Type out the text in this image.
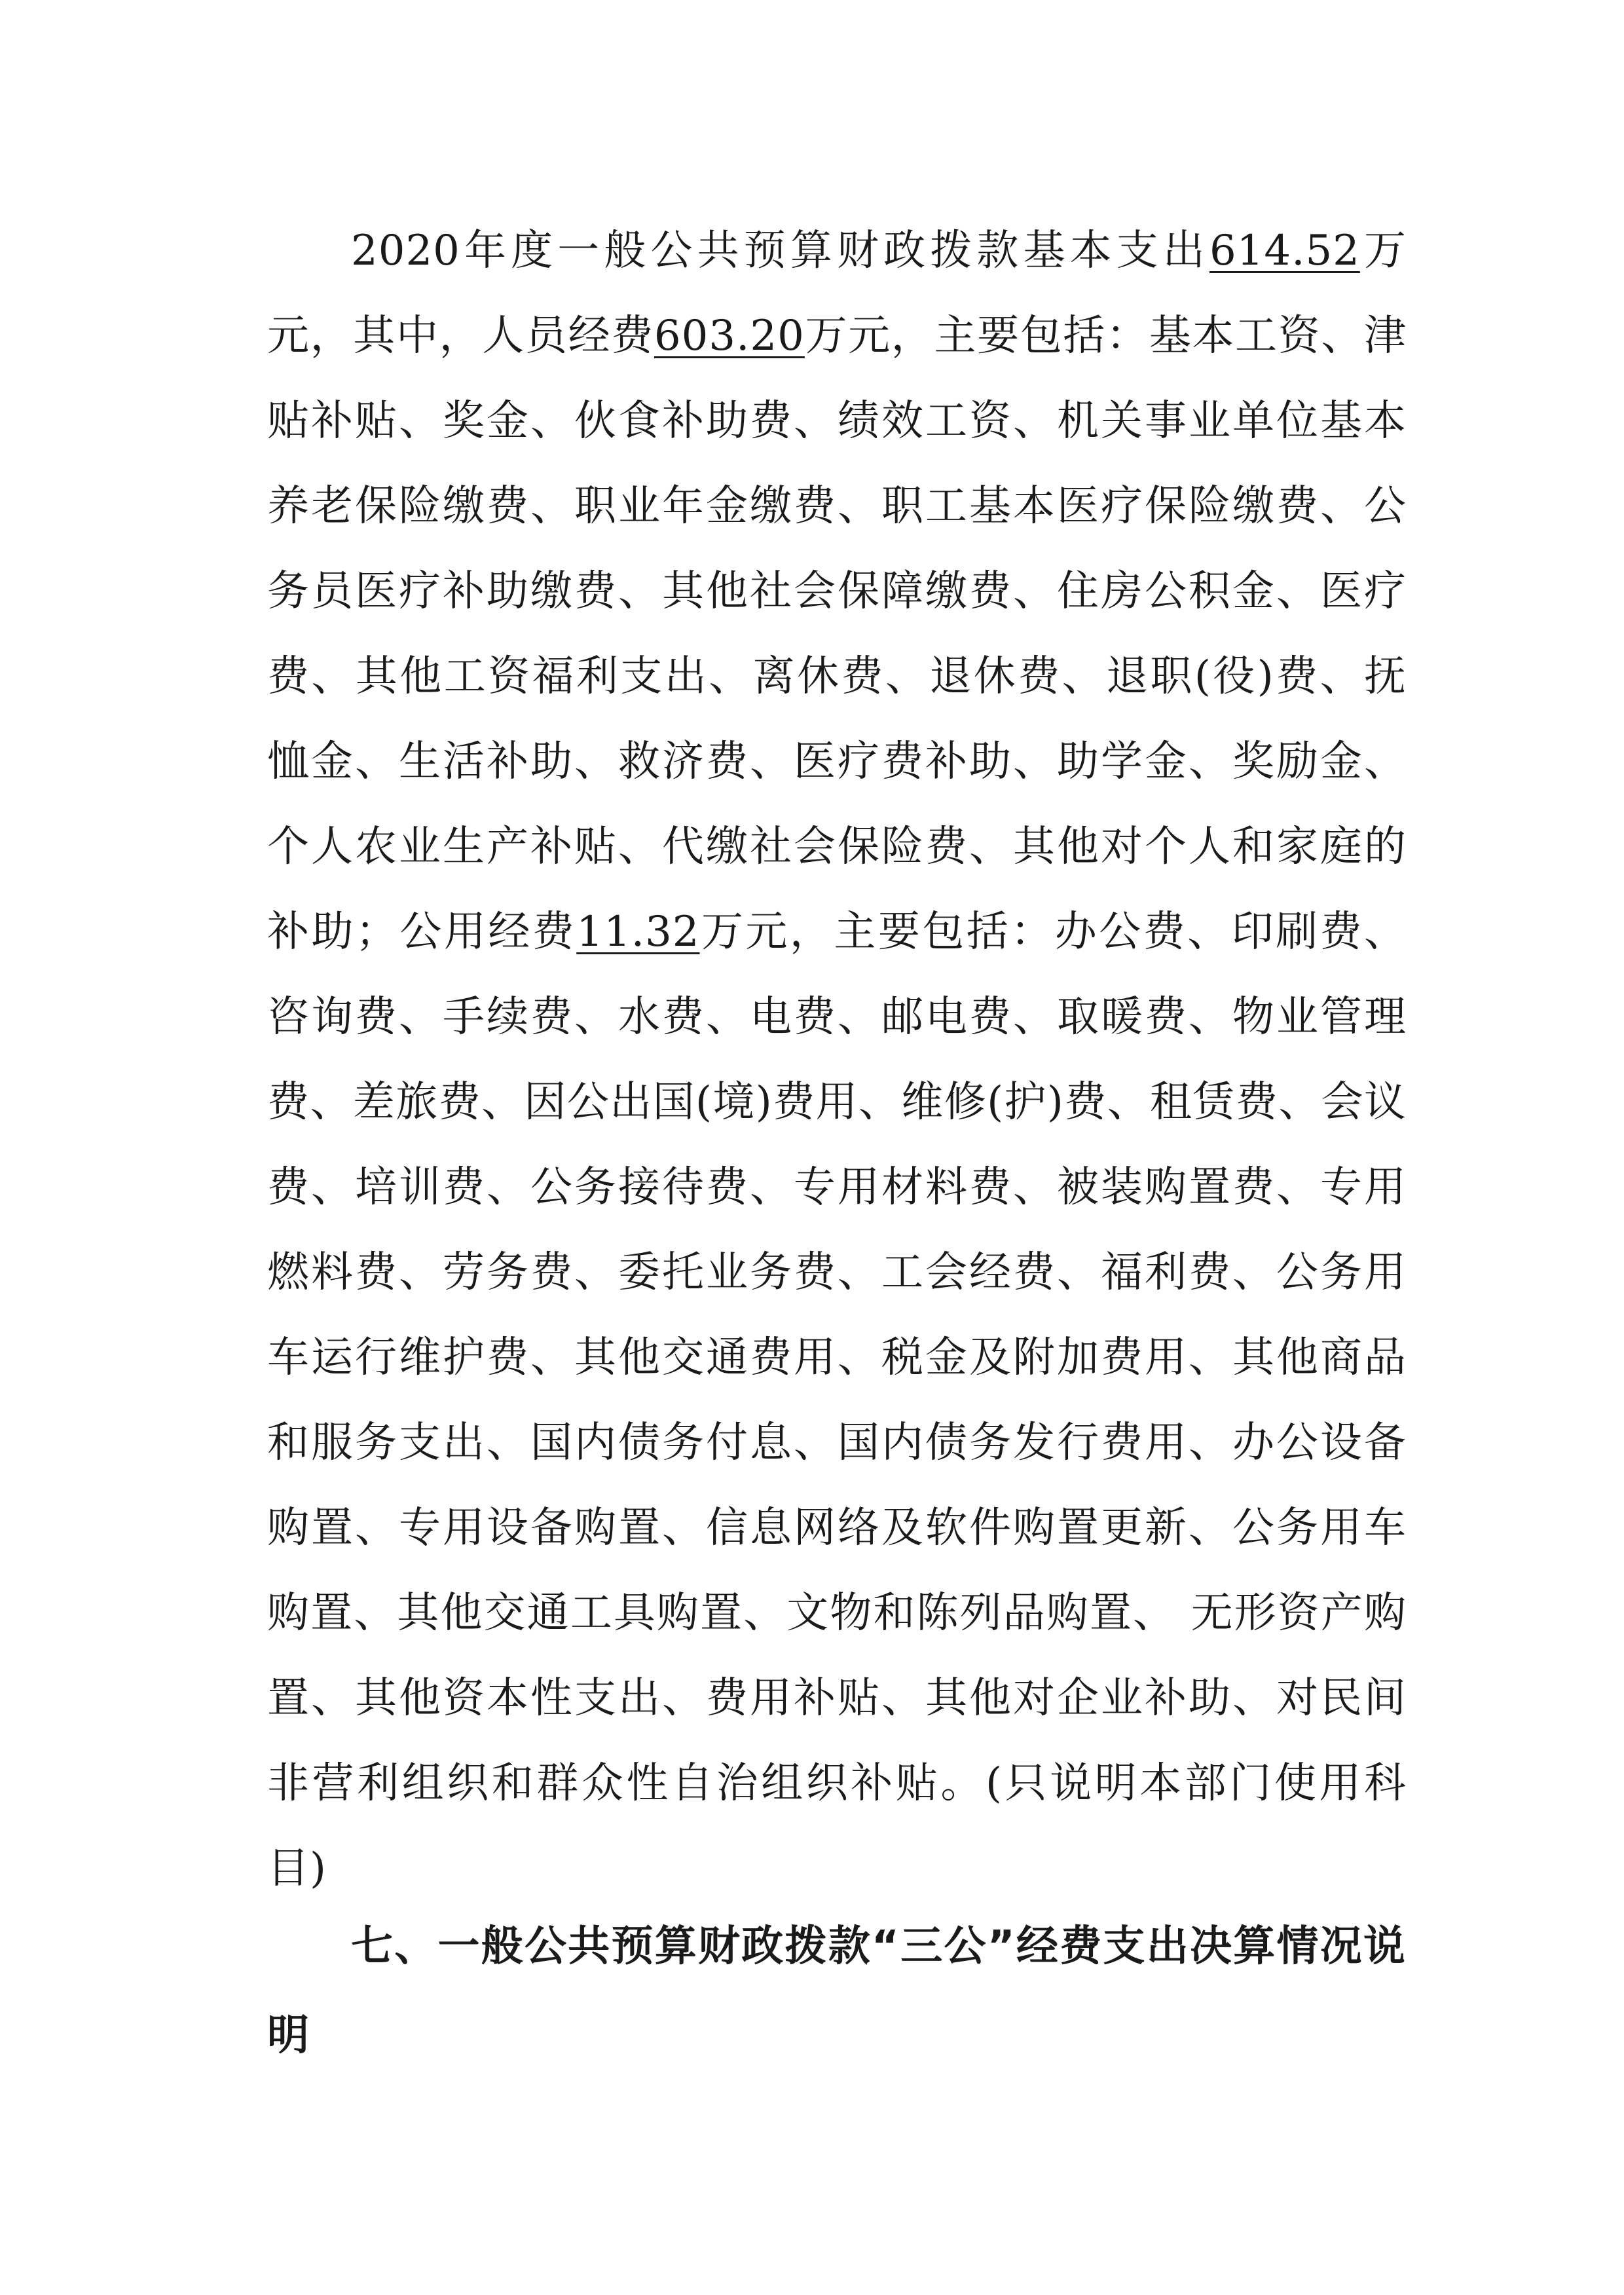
2020年度一般公共预算财政拨款基本支出614.52万元，其中，人员经费603.20万元，主要包括：基本工资、津贴补贴、奖金、伙食补助费、绩效工资、机关事业单位基本养老保险缴费、职业年金缴费、职工基本医疗保险缴费、公务员医疗补助缴费、其他社会保障缴费、住房公积金、医疗费、其他工资福利支出、离休费、退休费、退职(役)费、抚恤金、生活补助、救济费、医疗费补助、助学金、奖励金、个人农业生产补贴、代缴社会保险费、其他对个人和家庭的补助；公用经费11.32万元，主要包括：办公费、印刷费、咨询费、手续费、水费、电费、邮电费、取暖费、物业管理费、差旅费、因公出国(境)费用、维修(护)费、租赁费、会议费、培训费、公务接待费、专用材料费、被装购置费、专用燃料费、劳务费、委托业务费、工会经费、福利费、公务用车运行维护费、其他交通费用、税金及附加费用、其他商品和服务支出、国内债务付息、国内债务发行费用、办公设备购置、专用设备购置、信息网络及软件购置更新、公务用车购置、其他交通工具购置、文物和陈列品购置、 无形资产购置、其他资本性支出、费用补贴、其他对企业补助、对民间非营利组织和群众性自治组织补贴。(只说明本部门使用科目)

七、一般公共预算财政拨款“三公”经费支出决算情况说明
